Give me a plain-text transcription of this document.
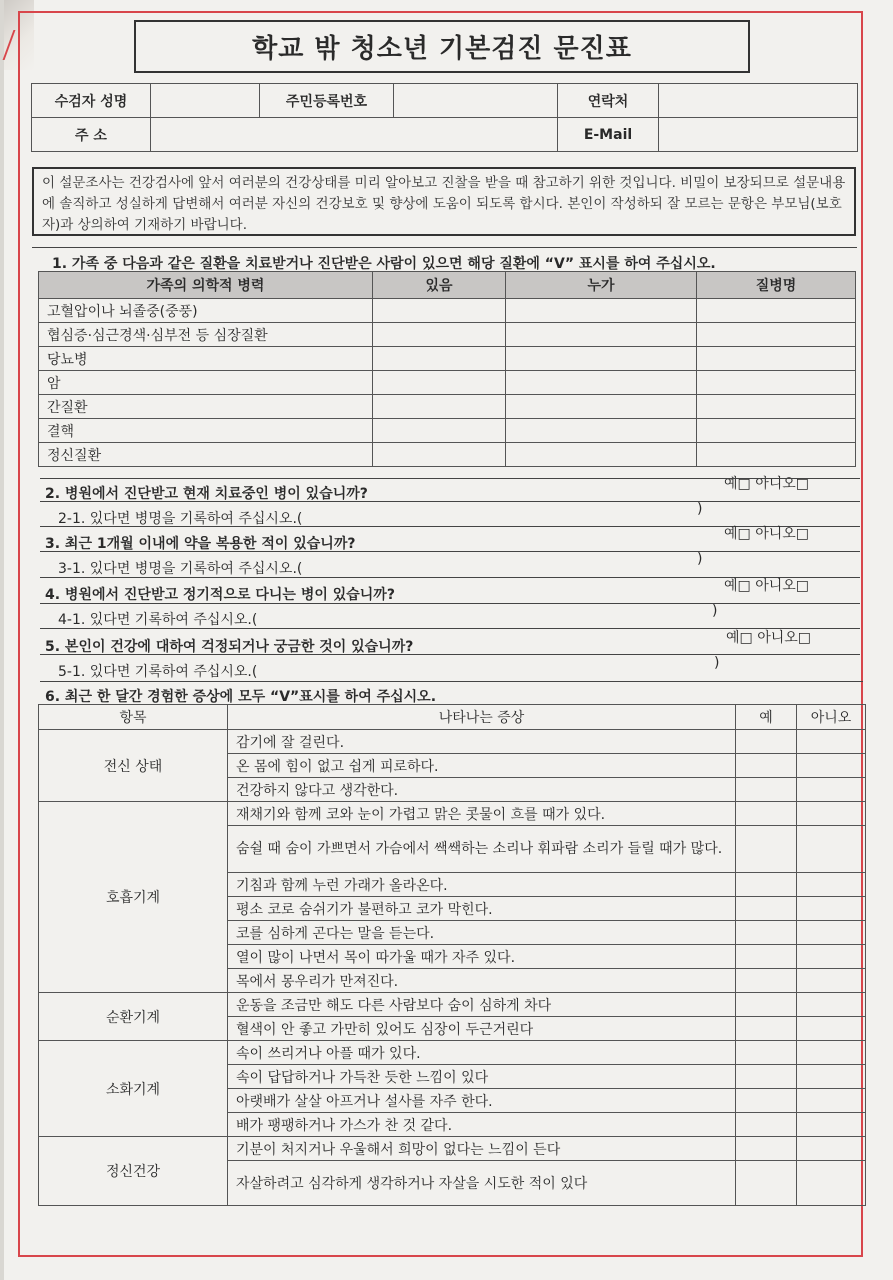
학교 밖 청소년 기본검진 문진표
수검자 성명		주민등록번호		연락처	
주 소				E-Mail	
이 설문조사는 건강검사에 앞서 여러분의 건강상태를 미리 알아보고 진찰을 받을 때 참고하기 위한 것입니다. 비밀이 보장되므로 설문내용에 솔직하고 성실하게 답변해서 여러분 자신의 건강보호 및 향상에 도움이 되도록 합시다. 본인이 작성하되 잘 모르는 문항은 부모님(보호자)과 상의하여 기재하기 바랍니다.
1. 가족 중 다음과 같은 질환을 치료받거나 진단받은 사람이 있으면 해당 질환에 “V” 표시를 하여 주십시오.
가족의 의학적 병력	있음	누가	질병명
고혈압이나 뇌졸중(중풍)			
협심증·심근경색·심부전 등 심장질환			
당뇨병			
암			
간질환			
결핵			
정신질환			
예□ 아니오□
2. 병원에서 진단받고 현재 치료중인 병이 있습니까?
2-1. 있다면 병명을 기록하여 주십시오.(
)
예□ 아니오□
3. 최근 1개월 이내에 약을 복용한 적이 있습니까?
3-1. 있다면 병명을 기록하여 주십시오.(
)
예□ 아니오□
4. 병원에서 진단받고 정기적으로 다니는 병이 있습니까?
4-1. 있다면 기록하여 주십시오.(
)
예□ 아니오□
5. 본인이 건강에 대하여 걱정되거나 궁금한 것이 있습니까?
5-1. 있다면 기록하여 주십시오.(
)
6. 최근 한 달간 경험한 증상에 모두 “V”표시를 하여 주십시오.
항목	나타나는 증상	예	아니오
전신 상태	감기에 잘 걸린다.		
	온 몸에 힘이 없고 쉽게 피로하다.		
	건강하지 않다고 생각한다.		
호흡기계	재채기와 함께 코와 눈이 가렵고 맑은 콧물이 흐를 때가 있다.		
	숨쉴 때 숨이 가쁘면서 가슴에서 쌕쌕하는 소리나 휘파람 소리가 들릴 때가 많다.		
	기침과 함께 누런 가래가 올라온다.		
	평소 코로 숨쉬기가 불편하고 코가 막힌다.		
	코를 심하게 곤다는 말을 듣는다.		
	열이 많이 나면서 목이 따가울 때가 자주 있다.		
	목에서 몽우리가 만져진다.		
순환기계	운동을 조금만 해도 다른 사람보다 숨이 심하게 차다		
	혈색이 안 좋고 가만히 있어도 심장이 두근거린다		
소화기계	속이 쓰리거나 아플 때가 있다.		
	속이 답답하거나 가득찬 듯한 느낌이 있다		
	아랫배가 살살 아프거나 설사를 자주 한다.		
	배가 팽팽하거나 가스가 찬 것 같다.		
정신건강	기분이 처지거나 우울해서 희망이 없다는 느낌이 든다		
	자살하려고 심각하게 생각하거나 자살을 시도한 적이 있다		
